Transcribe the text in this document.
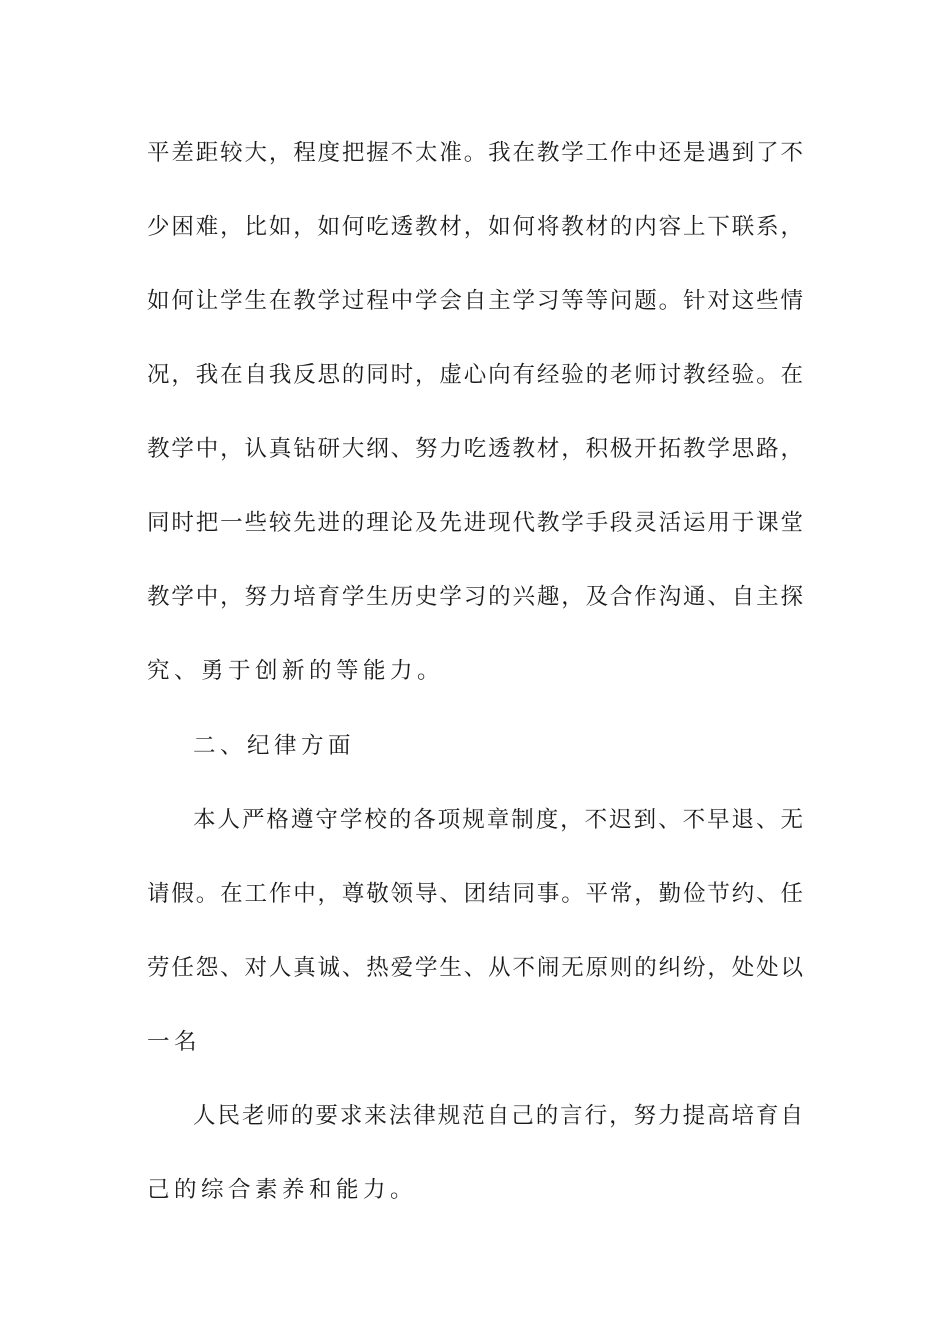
平差距较大，程度把握不太准。我在教学工作中还是遇到了不
少困难，比如，如何吃透教材，如何将教材的内容上下联系，
如何让学生在教学过程中学会自主学习等等问题。针对这些情
况，我在自我反思的同时，虚心向有经验的老师讨教经验。在
教学中，认真钻研大纲、努力吃透教材，积极开拓教学思路，
同时把一些较先进的理论及先进现代教学手段灵活运用于课堂
教学中，努力培育学生历史学习的兴趣，及合作沟通、自主探
究、勇于创新的等能力。
二、纪律方面
本人严格遵守学校的各项规章制度，不迟到、不早退、无
请假。在工作中，尊敬领导、团结同事。平常，勤俭节约、任
劳任怨、对人真诚、热爱学生、从不闹无原则的纠纷，处处以
一名
人民老师的要求来法律规范自己的言行，努力提高培育自
己的综合素养和能力。
